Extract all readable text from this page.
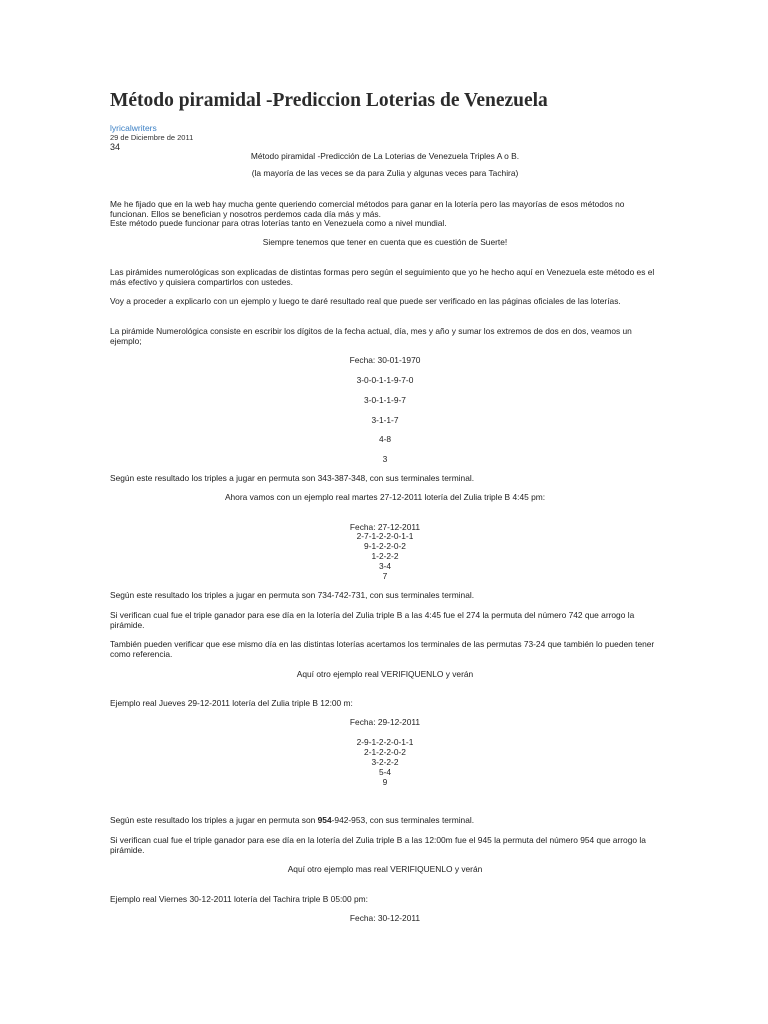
Método piramidal -Prediccion Loterias de Venezuela
lyricalwriters
29 de Diciembre de 2011
34
Método piramidal -Predicción de La Loterias de Venezuela Triples A o B.
(la mayoría de las veces se da para Zulia y algunas veces para Tachira)
Me he fijado que en la web hay mucha gente queriendo comercial métodos para ganar en la lotería pero las mayorías de esos métodos no funcionan. Ellos se benefician y nosotros perdemos cada día más y más.
Este método puede funcionar para otras loterías tanto en Venezuela como a nivel mundial.
Siempre tenemos que tener en cuenta que es cuestión de Suerte!
Las pirámides numerológicas son explicadas de distintas formas pero según el seguimiento que yo he hecho aquí en Venezuela este método es el más efectivo y quisiera compartirlos con ustedes.
Voy a proceder a explicarlo con un ejemplo y luego te daré resultado real que puede ser verificado en las páginas oficiales de las loterías.
La pirámide Numerológica consiste en escribir los dígitos de la fecha actual, día, mes y año y sumar los extremos de dos en dos, veamos un ejemplo;
Fecha: 30-01-1970
3-0-0-1-1-9-7-0
3-0-1-1-9-7
3-1-1-7
4-8
3
Según este resultado los triples a jugar en permuta son 343-387-348, con sus terminales terminal.
Ahora vamos con un ejemplo real martes 27-12-2011 lotería del Zulia triple B 4:45 pm:
Fecha: 27-12-2011
2-7-1-2-2-0-1-1
9-1-2-2-0-2
1-2-2-2
3-4
7
Según este resultado los triples a jugar en permuta son 734-742-731, con sus terminales terminal.
Si verifican cual fue el triple ganador para ese día en la lotería del Zulia triple B a las 4:45 fue el 274 la permuta del número 742 que arrogo la pirámide.
También pueden verificar que ese mismo día en las distintas loterías acertamos los terminales de las permutas 73-24 que también lo pueden tener como referencia.
Aquí otro ejemplo real VERIFIQUENLO y verán
Ejemplo real Jueves 29-12-2011 lotería del Zulia triple B 12:00 m:
Fecha: 29-12-2011
2-9-1-2-2-0-1-1
2-1-2-2-0-2
3-2-2-2
5-4
9
Según este resultado los triples a jugar en permuta son 954-942-953, con sus terminales terminal.
Si verifican cual fue el triple ganador para ese día en la lotería del Zulia triple B a las 12:00m fue el 945 la permuta del número 954 que arrogo la pirámide.
Aquí otro ejemplo mas real VERIFIQUENLO y verán
Ejemplo real Viernes 30-12-2011 lotería del Tachira triple B 05:00 pm:
Fecha: 30-12-2011
